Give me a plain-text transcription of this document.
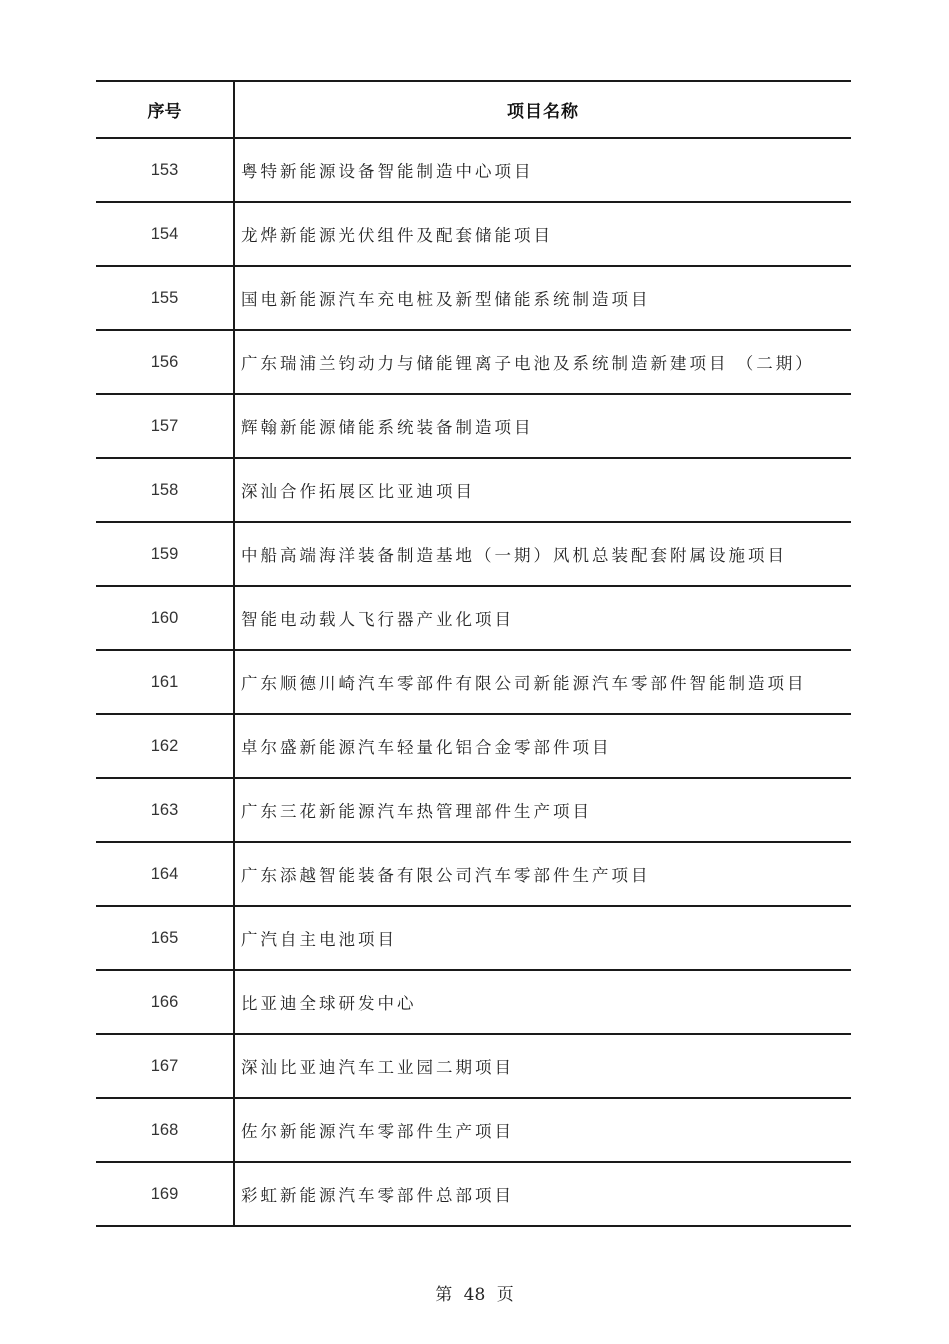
序号	项目名称
153	粤特新能源设备智能制造中心项目
154	龙烨新能源光伏组件及配套储能项目
155	国电新能源汽车充电桩及新型储能系统制造项目
156	广东瑞浦兰钧动力与储能锂离子电池及系统制造新建项目 （二期）
157	辉翰新能源储能系统装备制造项目
158	深汕合作拓展区比亚迪项目
159	中船高端海洋装备制造基地（一期）风机总装配套附属设施项目
160	智能电动载人飞行器产业化项目
161	广东顺德川崎汽车零部件有限公司新能源汽车零部件智能制造项目
162	卓尔盛新能源汽车轻量化铝合金零部件项目
163	广东三花新能源汽车热管理部件生产项目
164	广东添越智能装备有限公司汽车零部件生产项目
165	广汽自主电池项目
166	比亚迪全球研发中心
167	深汕比亚迪汽车工业园二期项目
168	佐尔新能源汽车零部件生产项目
169	彩虹新能源汽车零部件总部项目
第 48 页
